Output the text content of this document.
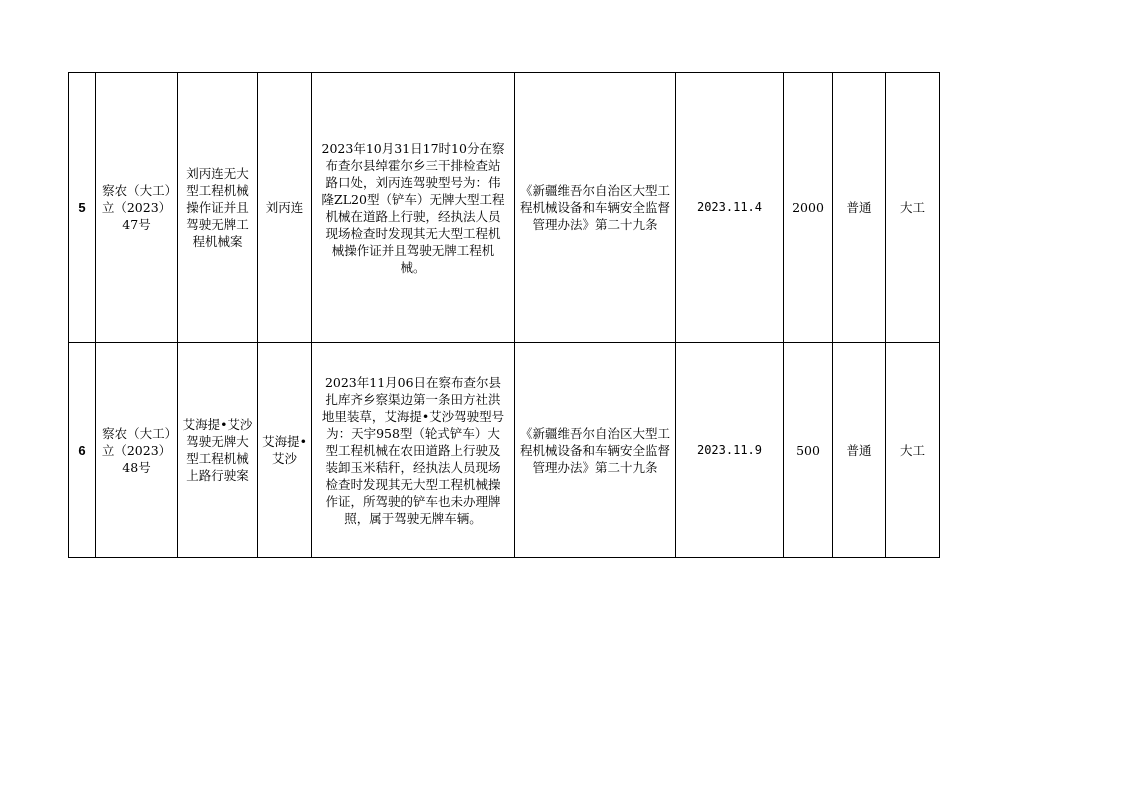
5	察农（大工）立（2023）47号	刘丙连无大型工程机械操作证并且驾驶无牌工程机械案	刘丙连	2023年10月31日17时10分在察布查尔县绰霍尔乡三干排检查站路口处，刘丙连驾驶型号为：伟隆ZL20型（铲车）无牌大型工程机械在道路上行驶，经执法人员现场检查时发现其无大型工程机械操作证并且驾驶无牌工程机械。	《新疆维吾尔自治区大型工程机械设备和车辆安全监督管理办法》第二十九条	2023.11.4	2000	普通	大工
6	察农（大工）立（2023）48号	艾海提•艾沙驾驶无牌大型工程机械上路行驶案	艾海提•艾沙	2023年11月06日在察布查尔县扎库齐乡察渠边第一条田方社洪地里装草，艾海提•艾沙驾驶型号为：天宇958型（轮式铲车）大型工程机械在农田道路上行驶及装卸玉米秸秆，经执法人员现场检查时发现其无大型工程机械操作证，所驾驶的铲车也未办理牌照，属于驾驶无牌车辆。	《新疆维吾尔自治区大型工程机械设备和车辆安全监督管理办法》第二十九条	2023.11.9	500	普通	大工
